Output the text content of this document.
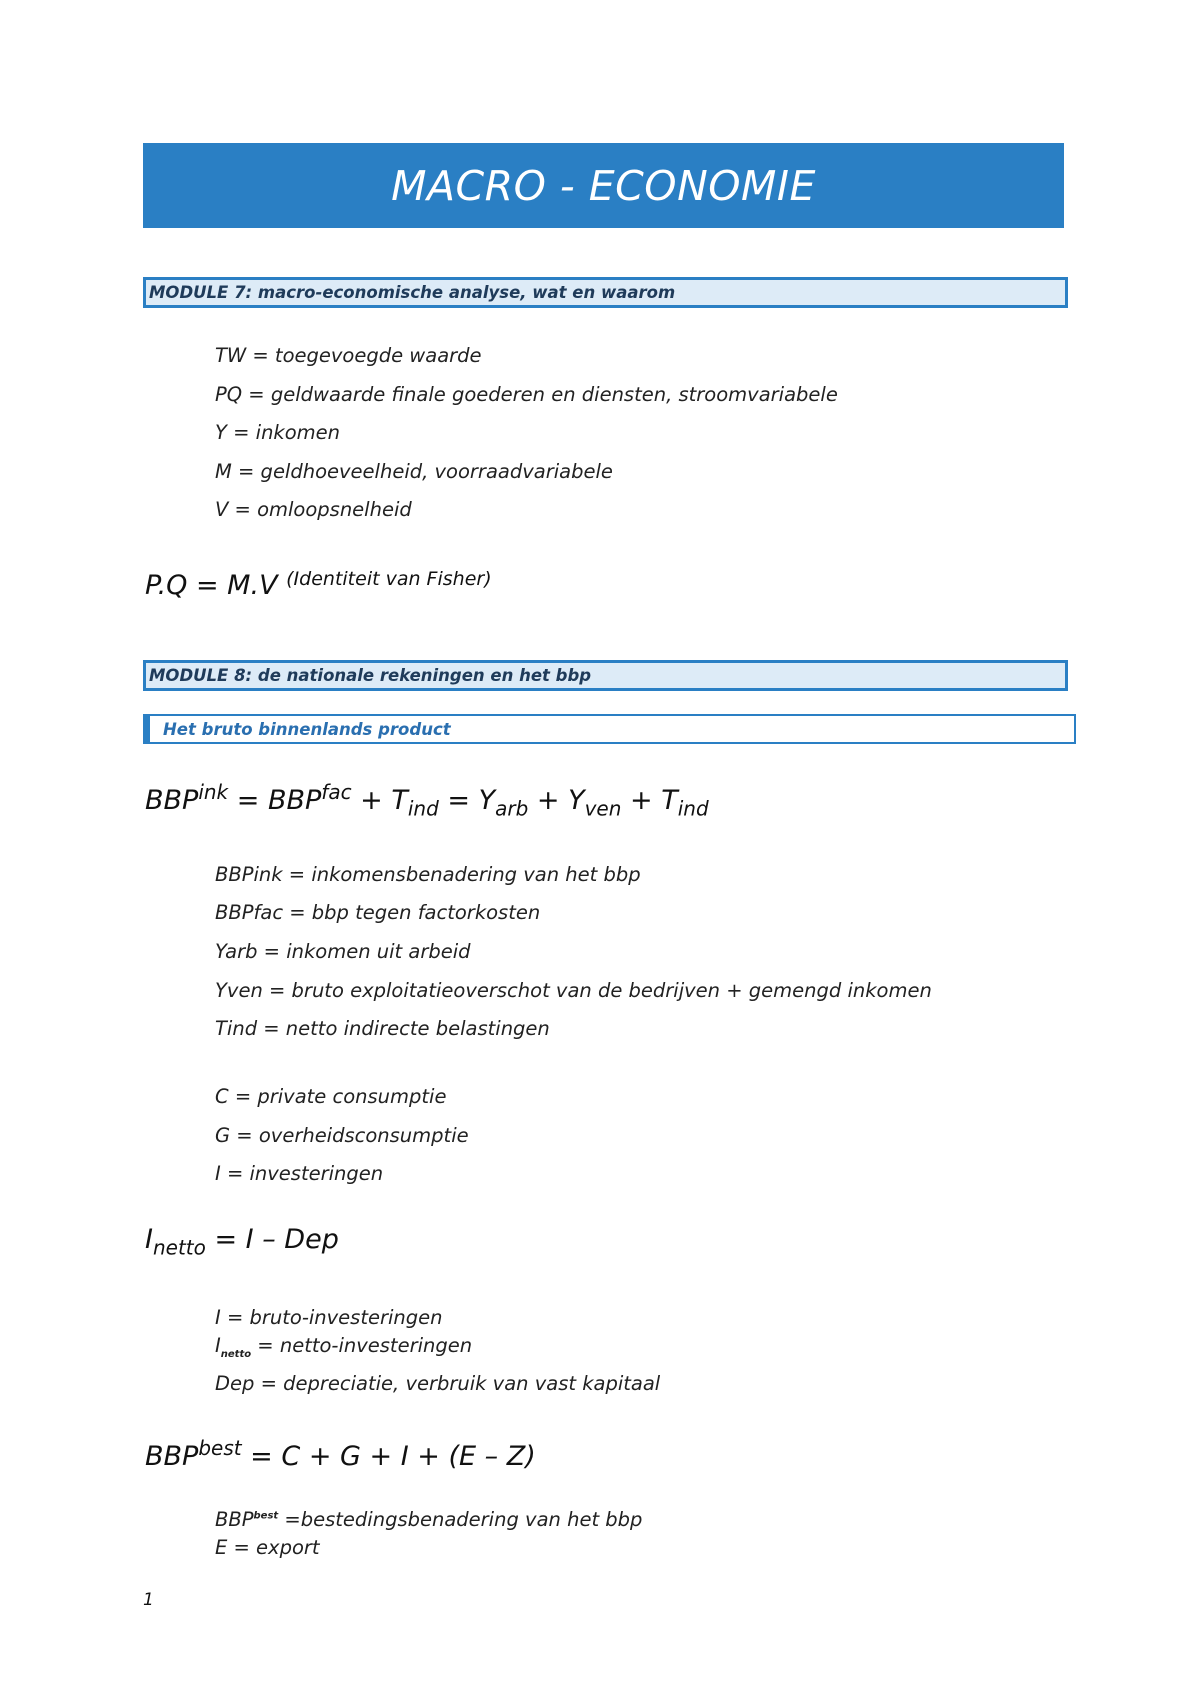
MACRO - ECONOMIE
MODULE 7: macro-economische analyse, wat en waarom
TW = toegevoegde waarde
PQ = geldwaarde finale goederen en diensten, stroomvariabele
Y = inkomen
M = geldhoeveelheid, voorraadvariabele
V = omloopsnelheid
P.Q = M.V $^{(Identiteit van Fisher)}$
MODULE 8: de nationale rekeningen en het bbp
Het bruto binnenlands product
$BBP^{ink} = BBP^{fac} + T_{ind} = Y_{arb} + Y_{ven} + T_{ind}$
BBPink = inkomensbenadering van het bbp
BBPfac = bbp tegen factorkosten
Yarb = inkomen uit arbeid
Yven = bruto exploitatieoverschot van de bedrijven + gemengd inkomen
Tind = netto indirecte belastingen
C = private consumptie
G = overheidsconsumptie
I = investeringen
$I_{netto} = I$ – Dep
I = bruto-investeringen
$I_{netto}$ = netto-investeringen
Dep = depreciatie, verbruik van vast kapitaal
$BBP^{best} = C + G + I + (E - Z)$
$BBP^{best}$ =bestedingsbenadering van het bbp
E = export
1
